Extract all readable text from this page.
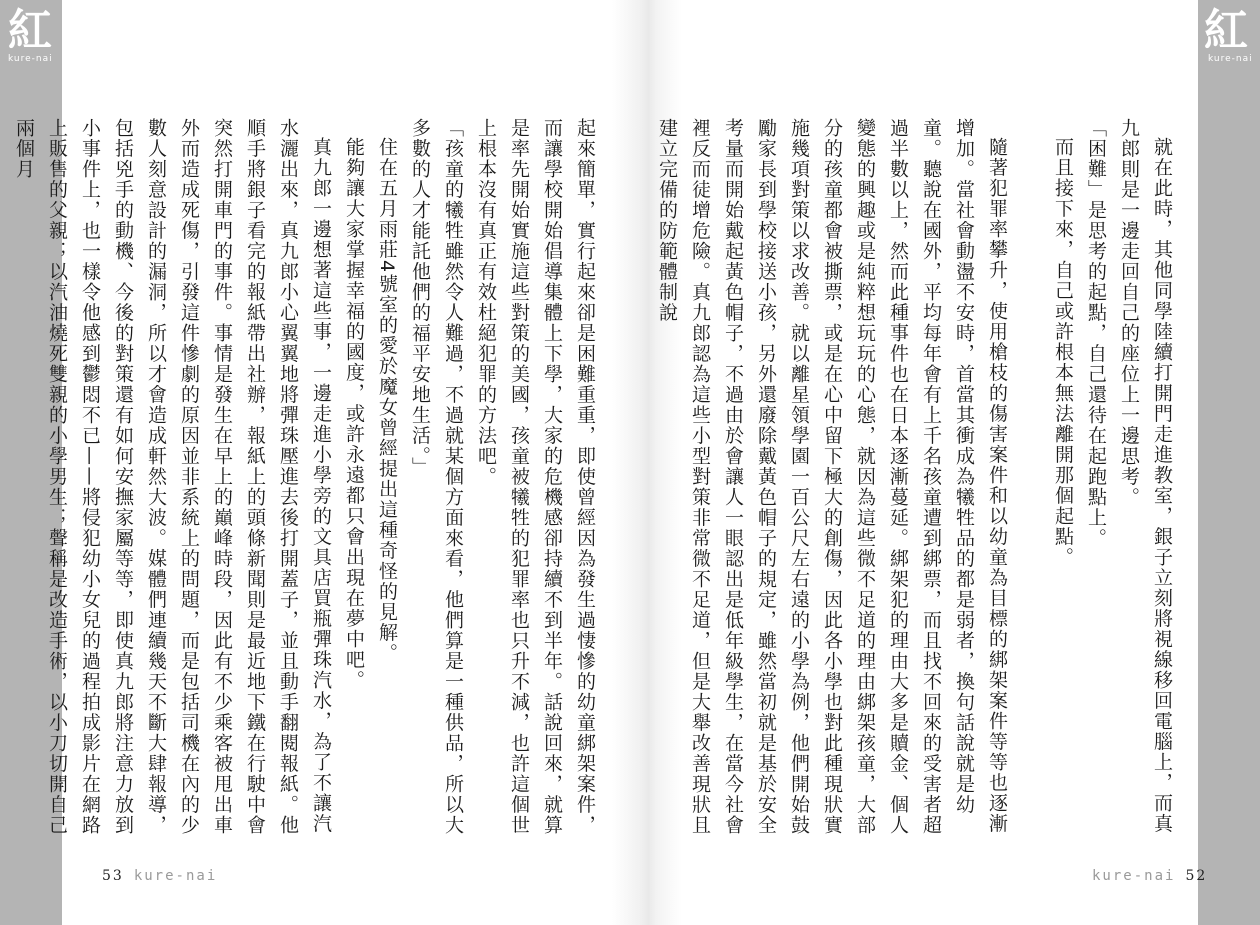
紅
kure-nai
紅
kure-nai

起來簡單，實行起來卻是困難重重，即使曾經因為發生過悽慘的幼童綁架案件，而讓學校開始倡導集體上下學，大家的危機感卻持續不到半年。話說回來，就算是率先開始實施這些對策的美國，孩童被犧牲的犯罪率也只升不減，也許這個世上根本沒有真正有效杜絕犯罪的方法吧。

「孩童的犧牲雖然令人難過，不過就某個方面來看，他們算是一種供品，所以大多數的人才能託他們的福平安地生活。」

住在五月雨莊4號室的愛於魔女曾經提出這種奇怪的見解。

能夠讓大家掌握幸福的國度，或許永遠都只會出現在夢中吧。

真九郎一邊想著這些事，一邊走進小學旁的文具店買瓶彈珠汽水，為了不讓汽水灑出來，真九郎小心翼翼地將彈珠壓進去後打開蓋子，並且動手翻閱報紙。他順手將銀子看完的報紙帶出社辦，報紙上的頭條新聞則是最近地下鐵在行駛中會突然打開車門的事件。事情是發生在早上的巔峰時段，因此有不少乘客被甩出車外而造成死傷，引發這件慘劇的原因並非系統上的問題，而是包括司機在內的少數人刻意設計的漏洞，所以才會造成軒然大波。媒體們連續幾天不斷大肆報導，包括兇手的動機、今後的對策還有如何安撫家屬等等，即使真九郎將注意力放到小事件上，也一樣令他感到鬱悶不已——將侵犯幼小女兒的過程拍成影片在網路上販售的父親；以汽油燒死雙親的小學男生；聲稱是改造手術，以小刀切開自己兩個月

53 kure-nai

就在此時，其他同學陸續打開門走進教室，銀子立刻將視線移回電腦上，而真九郎則是一邊走回自己的座位上一邊思考。

「困難」是思考的起點，自己還待在起跑點上。

而且接下來，自己或許根本無法離開那個起點。

隨著犯罪率攀升，使用槍枝的傷害案件和以幼童為目標的綁架案件等等也逐漸增加。當社會動盪不安時，首當其衝成為犧牲品的都是弱者，換句話說就是幼童。聽說在國外，平均每年會有上千名孩童遭到綁票，而且找不回來的受害者超過半數以上，然而此種事件也在日本逐漸蔓延。綁架犯的理由大多是贖金、個人變態的興趣或是純粹想玩玩的心態，就因為這些微不足道的理由綁架孩童，大部分的孩童都會被撕票，或是在心中留下極大的創傷，因此各小學也對此種現狀實施幾項對策以求改善。就以離星領學園一百公尺左右遠的小學為例，他們開始鼓勵家長到學校接送小孩，另外還廢除戴黃色帽子的規定，雖然當初就是基於安全考量而開始戴起黃色帽子，不過由於會讓人一眼認出是低年級學生，在當今社會裡反而徒增危險。真九郎認為這些小型對策非常微不足道，但是大舉改善現狀且建立完備的防範體制說

kure-nai 52
